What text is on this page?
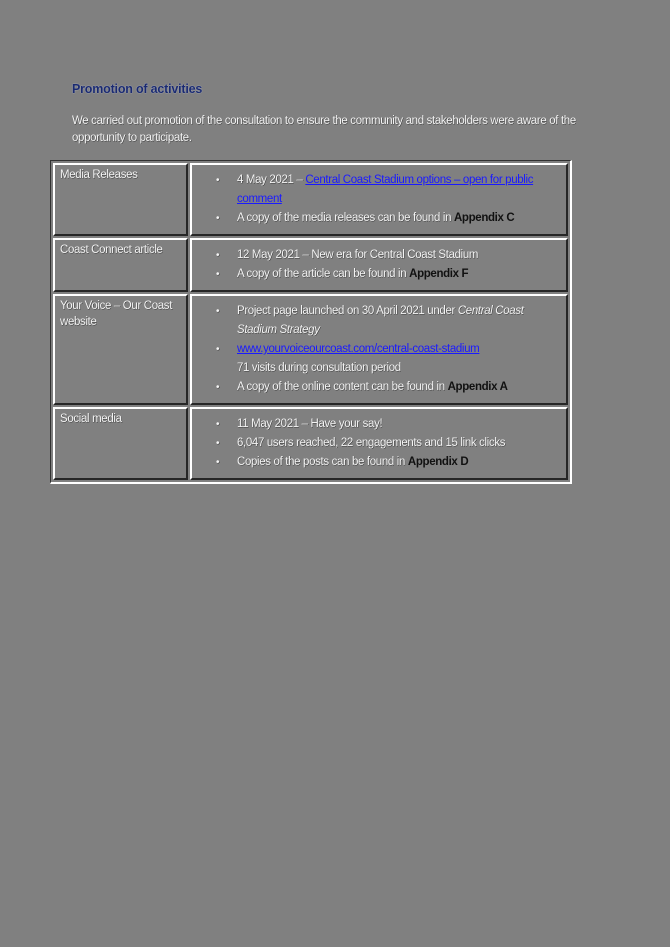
Promotion of activities
We carried out promotion of the consultation to ensure the community and stakeholders were aware of the opportunity to participate.
Media Releases	• 4 May 2021 – Central Coast Stadium options – open for public comment
• A copy of the media releases can be found in Appendix C

Coast Connect article	• 12 May 2021 – New era for Central Coast Stadium
• A copy of the article can be found in Appendix F

Your Voice – Our Coast website	
• Project page launched on 30 April 2021 under Central Coast Stadium Strategy
• www.yourvoiceourcoast.com/central-coast-stadium
71 visits during consultation period
• A copy of the online content can be found in Appendix A

Social media	• 11 May 2021 – Have your say!
• 6,047 users reached, 22 engagements and 15 link clicks
• Copies of the posts can be found in Appendix D
